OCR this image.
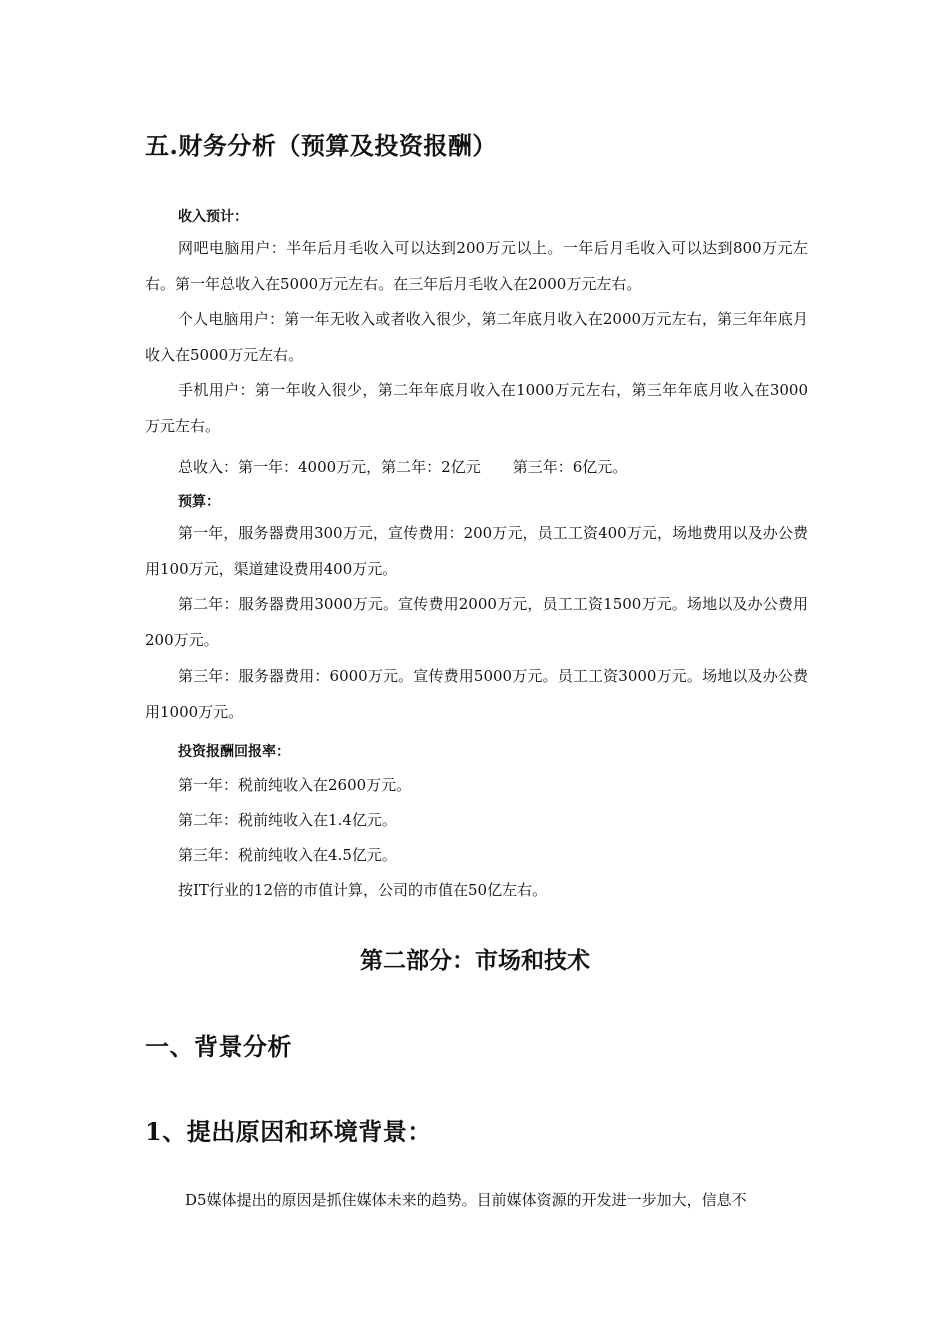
五.财务分析（预算及投资报酬）
收入预计：
网吧电脑用户：半年后月毛收入可以达到200万元以上。一年后月毛收入可以达到800万元左右。第一年总收入在5000万元左右。在三年后月毛收入在2000万元左右。
个人电脑用户：第一年无收入或者收入很少，第二年底月收入在2000万元左右，第三年年底月收入在5000万元左右。
手机用户：第一年收入很少，第二年年底月收入在1000万元左右，第三年年底月收入在3000万元左右。
总收入：第一年：4000万元，第二年：2亿元 第三年：6亿元。
预算：
第一年，服务器费用300万元，宣传费用：200万元，员工工资400万元，场地费用以及办公费用100万元，渠道建设费用400万元。
第二年：服务器费用3000万元。宣传费用2000万元，员工工资1500万元。场地以及办公费用200万元。
第三年：服务器费用：6000万元。宣传费用5000万元。员工工资3000万元。场地以及办公费用1000万元。
投资报酬回报率：
第一年：税前纯收入在2600万元。
第二年：税前纯收入在1.4亿元。
第三年：税前纯收入在4.5亿元。
按IT行业的12倍的市值计算，公司的市值在50亿左右。
第二部分：市场和技术
一、背景分析
1、提出原因和环境背景：
D5媒体提出的原因是抓住媒体未来的趋势。目前媒体资源的开发进一步加大，信息不
